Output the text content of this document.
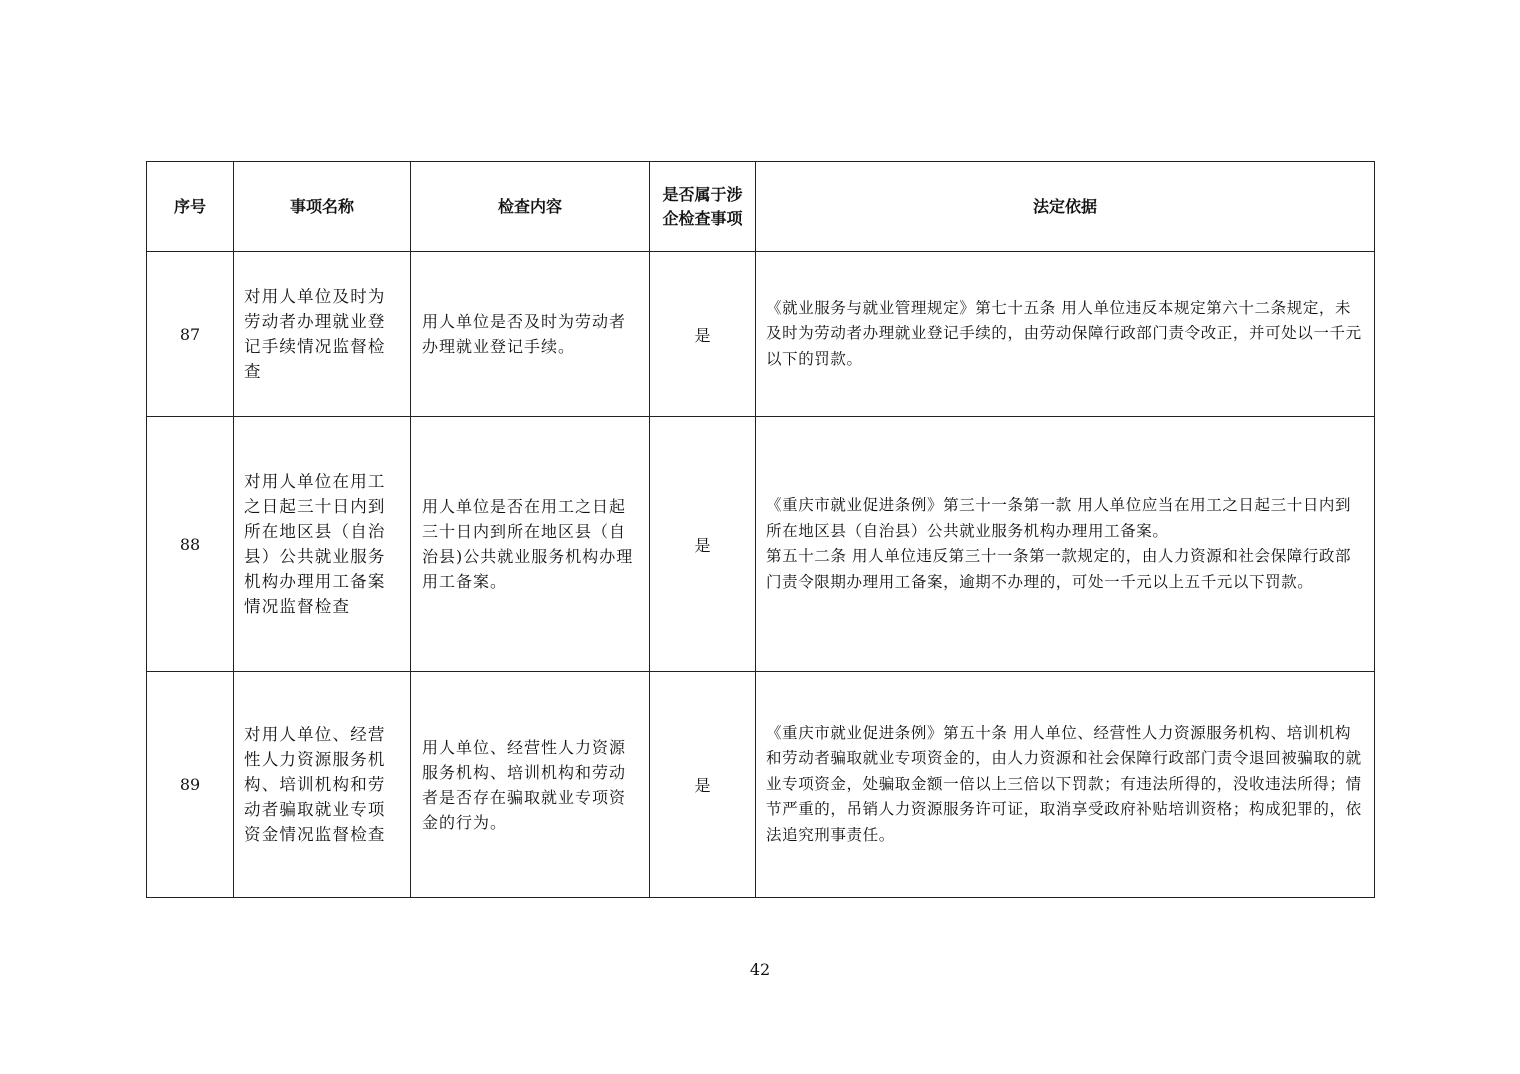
序号	事项名称	检查内容	是否属于涉企检查事项	法定依据
87	对用人单位及时为劳动者办理就业登记手续情况监督检查	用人单位是否及时为劳动者办理就业登记手续。	是	《就业服务与就业管理规定》第七十五条 用人单位违反本规定第六十二条规定，未及时为劳动者办理就业登记手续的，由劳动保障行政部门责令改正，并可处以一千元以下的罚款。

88	对用人单位在用工之日起三十日内到所在地区县（自治县）公共就业服务机构办理用工备案情况监督检查	用人单位是否在用工之日起三十日内到所在地区县（自治县)公共就业服务机构办理用工备案。	是	《重庆市就业促进条例》第三十一条第一款 用人单位应当在用工之日起三十日内到所在地区县（自治县）公共就业服务机构办理用工备案。
第五十二条 用人单位违反第三十一条第一款规定的，由人力资源和社会保障行政部门责令限期办理用工备案，逾期不办理的，可处一千元以上五千元以下罚款。

89	对用人单位、经营性人力资源服务机构、培训机构和劳动者骗取就业专项资金情况监督检查	用人单位、经营性人力资源服务机构、培训机构和劳动者是否存在骗取就业专项资金的行为。	是	《重庆市就业促进条例》第五十条 用人单位、经营性人力资源服务机构、培训机构和劳动者骗取就业专项资金的，由人力资源和社会保障行政部门责令退回被骗取的就业专项资金，处骗取金额一倍以上三倍以下罚款；有违法所得的，没收违法所得；情节严重的，吊销人力资源服务许可证，取消享受政府补贴培训资格；构成犯罪的，依法追究刑事责任。
42
